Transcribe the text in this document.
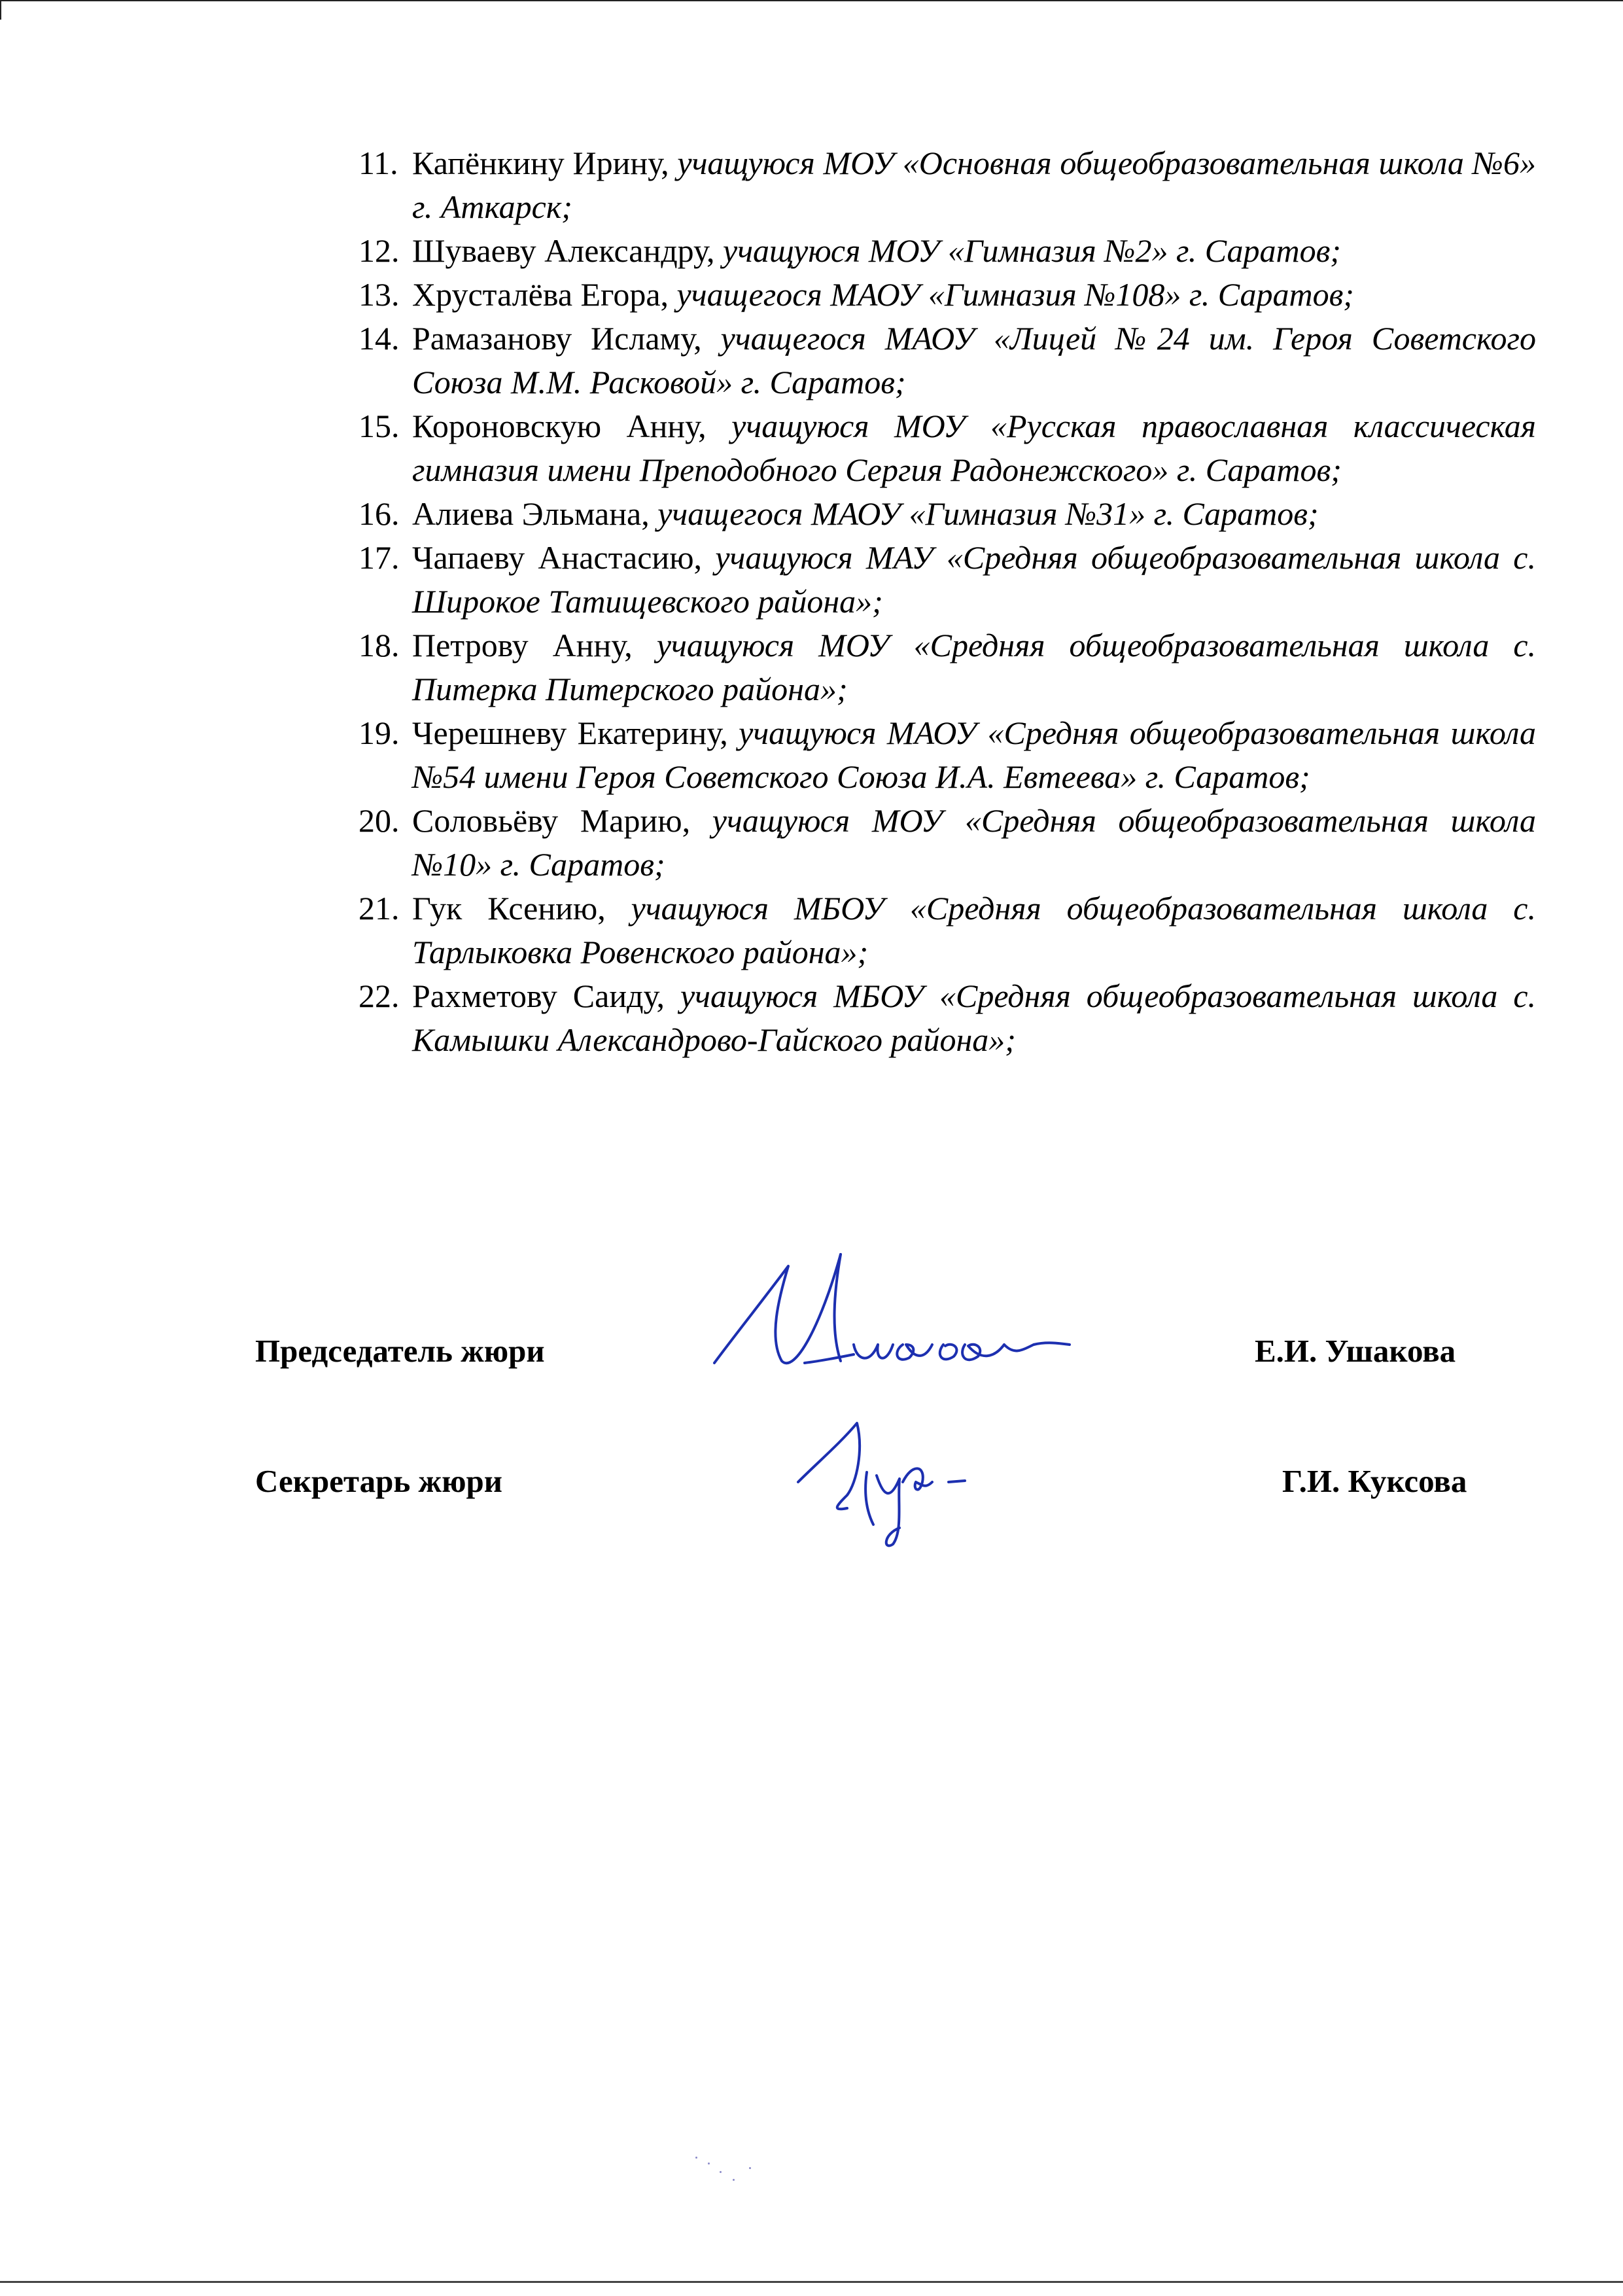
11. Капёнкину Ирину, учащуюся МОУ «Основная общеобразовательная школа №6» г. Аткарск;
12. Шуваеву Александру, учащуюся МОУ «Гимназия №2» г. Саратов;
13. Хрусталёва Егора, учащегося МАОУ «Гимназия №108» г. Саратов;
14. Рамазанову Исламу, учащегося МАОУ «Лицей №24 им. Героя Советского Союза М.М. Расковой» г. Саратов;
15. Короновскую Анну, учащуюся МОУ «Русская православная классическая гимназия имени Преподобного Сергия Радонежского» г. Саратов;
16. Алиева Эльмана, учащегося МАОУ «Гимназия №31» г. Саратов;
17. Чапаеву Анастасию, учащуюся МАУ «Средняя общеобразовательная школа с. Широкое Татищевского района»;
18. Петрову Анну, учащуюся МОУ «Средняя общеобразовательная школа с. Питерка Питерского района»;
19. Черешневу Екатерину, учащуюся МАОУ «Средняя общеобразовательная школа №54 имени Героя Советского Союза И.А. Евтеева» г. Саратов;
20. Соловьёву Марию, учащуюся МОУ «Средняя общеобразовательная школа №10» г. Саратов;
21. Гук Ксению, учащуюся МБОУ «Средняя общеобразовательная школа с. Тарлыковка Ровенского района»;
22. Рахметову Саиду, учащуюся МБОУ «Средняя общеобразовательная школа с. Камышки Александрово-Гайского района»;
Председатель жюри	Е.И. Ушакова
Секретарь жюри	Г.И. Куксова
